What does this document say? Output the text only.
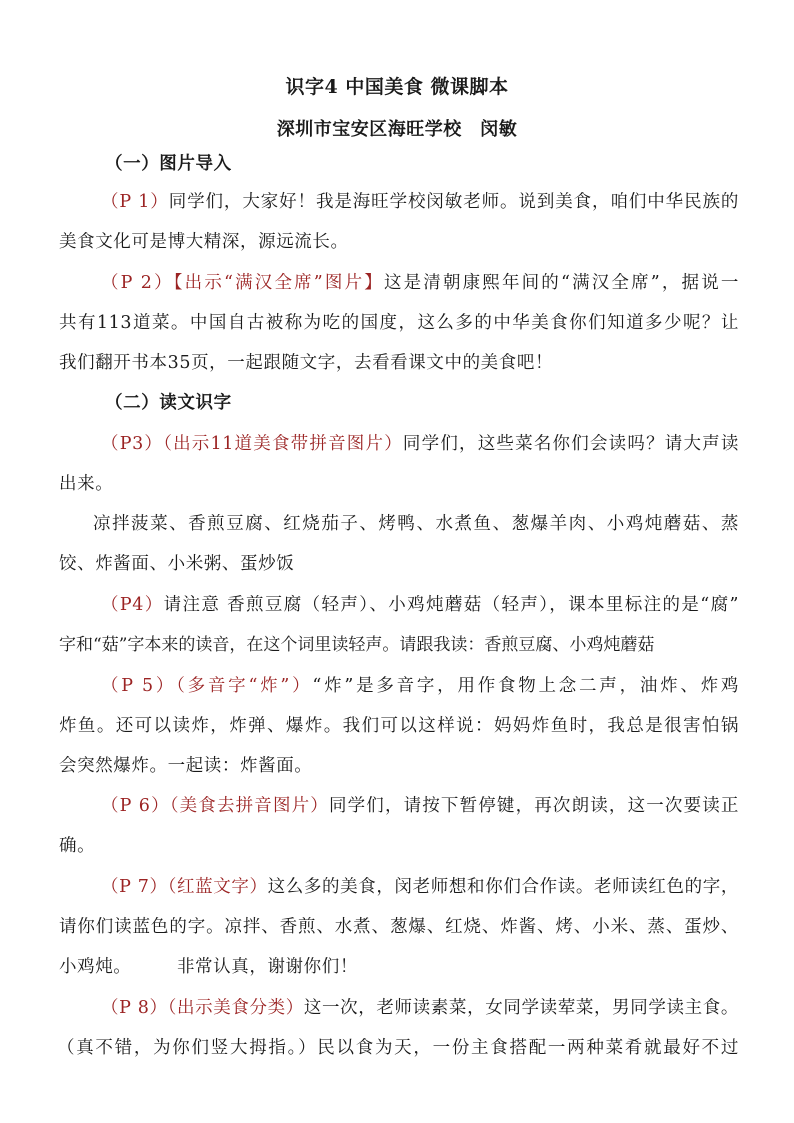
识字4 中国美食 微课脚本
深圳市宝安区海旺学校　闵敏
（一）图片导入
（P 1）同学们，大家好！我是海旺学校闵敏老师。说到美食，咱们中华民族的
美食文化可是博大精深，源远流长。
（P 2）【出示“满汉全席”图片】这是清朝康熙年间的“满汉全席”，据说一
共有113道菜。中国自古被称为吃的国度，这么多的中华美食你们知道多少呢？让
我们翻开书本35页，一起跟随文字，去看看课文中的美食吧！
（二）读文识字
（P3）（出示11道美食带拼音图片）同学们，这些菜名你们会读吗？请大声读
出来。
凉拌菠菜、香煎豆腐、红烧茄子、烤鸭、水煮鱼、葱爆羊肉、小鸡炖蘑菇、蒸
饺、炸酱面、小米粥、蛋炒饭
（P4）请注意 香煎豆腐（轻声）、小鸡炖蘑菇（轻声），课本里标注的是“腐”
字和“菇”字本来的读音，在这个词里读轻声。请跟我读：香煎豆腐、小鸡炖蘑菇
（P 5）（多音字“炸”）“炸”是多音字，用作食物上念二声，油炸、炸鸡
炸鱼。还可以读炸，炸弹、爆炸。我们可以这样说：妈妈炸鱼时，我总是很害怕锅
会突然爆炸。一起读：炸酱面。
（P 6）（美食去拼音图片）同学们，请按下暂停键，再次朗读，这一次要读正
确。
（P 7）（红蓝文字）这么多的美食，闵老师想和你们合作读。老师读红色的字，
请你们读蓝色的字。凉拌、香煎、水煮、葱爆、红烧、炸酱、烤、小米、蒸、蛋炒、
小鸡炖。　　　非常认真，谢谢你们！
（P 8）（出示美食分类）这一次，老师读素菜，女同学读荤菜，男同学读主食。
（真不错，为你们竖大拇指。）民以食为天，一份主食搭配一两种菜肴就最好不过
